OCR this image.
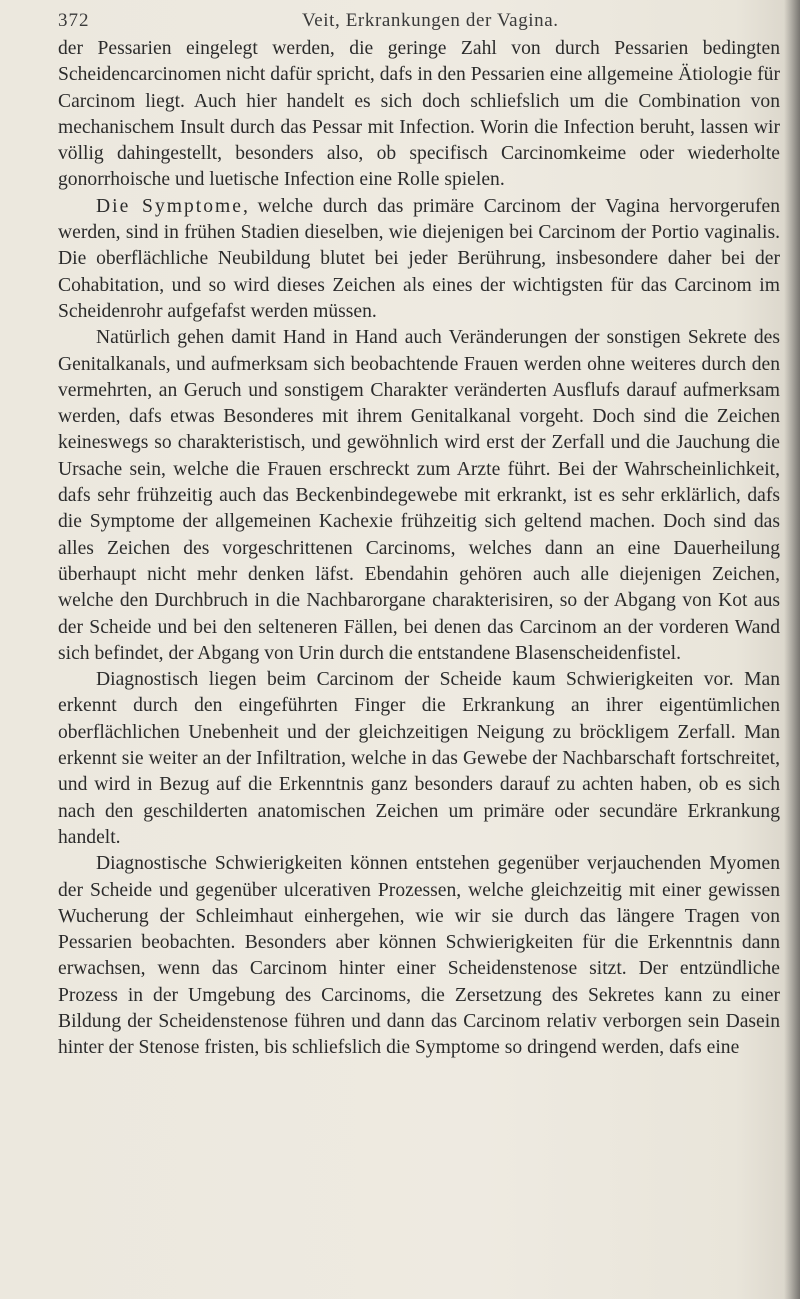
372	Veit, Erkrankungen der Vagina.

der Pessarien eingelegt werden, die geringe Zahl von durch Pessarien bedingten Scheidencarcinomen nicht dafür spricht, dafs in den Pessarien eine allgemeine Ätiologie für Carcinom liegt. Auch hier handelt es sich doch schliefslich um die Combination von mechanischem Insult durch das Pessar mit Infection. Worin die Infection beruht, lassen wir völlig dahingestellt, besonders also, ob specifisch Carcinomkeime oder wiederholte gonorrhoische und luetische Infection eine Rolle spielen.

Die Symptome, welche durch das primäre Carcinom der Vagina hervorgerufen werden, sind in frühen Stadien dieselben, wie diejenigen bei Carcinom der Portio vaginalis. Die oberflächliche Neubildung blutet bei jeder Berührung, insbesondere daher bei der Cohabitation, und so wird dieses Zeichen als eines der wichtigsten für das Carcinom im Scheidenrohr aufgefafst werden müssen.

Natürlich gehen damit Hand in Hand auch Veränderungen der sonstigen Sekrete des Genitalkanals, und aufmerksam sich beobachtende Frauen werden ohne weiteres durch den vermehrten, an Geruch und sonstigem Charakter veränderten Ausflufs darauf aufmerksam werden, dafs etwas Besonderes mit ihrem Genitalkanal vorgeht. Doch sind die Zeichen keineswegs so charakteristisch, und gewöhnlich wird erst der Zerfall und die Jauchung die Ursache sein, welche die Frauen erschreckt zum Arzte führt. Bei der Wahrscheinlichkeit, dafs sehr frühzeitig auch das Beckenbindegewebe mit erkrankt, ist es sehr erklärlich, dafs die Symptome der allgemeinen Kachexie frühzeitig sich geltend machen. Doch sind das alles Zeichen des vorgeschrittenen Carcinoms, welches dann an eine Dauerheilung überhaupt nicht mehr denken läfst. Ebendahin gehören auch alle diejenigen Zeichen, welche den Durchbruch in die Nachbarorgane charakterisiren, so der Abgang von Kot aus der Scheide und bei den selteneren Fällen, bei denen das Carcinom an der vorderen Wand sich befindet, der Abgang von Urin durch die entstandene Blasenscheidenfistel.

Diagnostisch liegen beim Carcinom der Scheide kaum Schwierigkeiten vor. Man erkennt durch den eingeführten Finger die Erkrankung an ihrer eigentümlichen oberflächlichen Unebenheit und der gleichzeitigen Neigung zu bröckligem Zerfall. Man erkennt sie weiter an der Infiltration, welche in das Gewebe der Nachbarschaft fortschreitet, und wird in Bezug auf die Erkenntnis ganz besonders darauf zu achten haben, ob es sich nach den geschilderten anatomischen Zeichen um primäre oder secundäre Erkrankung handelt.

Diagnostische Schwierigkeiten können entstehen gegenüber verjauchenden Myomen der Scheide und gegenüber ulcerativen Prozessen, welche gleichzeitig mit einer gewissen Wucherung der Schleimhaut einhergehen, wie wir sie durch das längere Tragen von Pessarien beobachten. Besonders aber können Schwierigkeiten für die Erkenntnis dann erwachsen, wenn das Carcinom hinter einer Scheidenstenose sitzt. Der entzündliche Prozess in der Umgebung des Carcinoms, die Zersetzung des Sekretes kann zu einer Bildung der Scheidenstenose führen und dann das Carcinom relativ verborgen sein Dasein hinter der Stenose fristen, bis schliefslich die Symptome so dringend werden, dafs eine
